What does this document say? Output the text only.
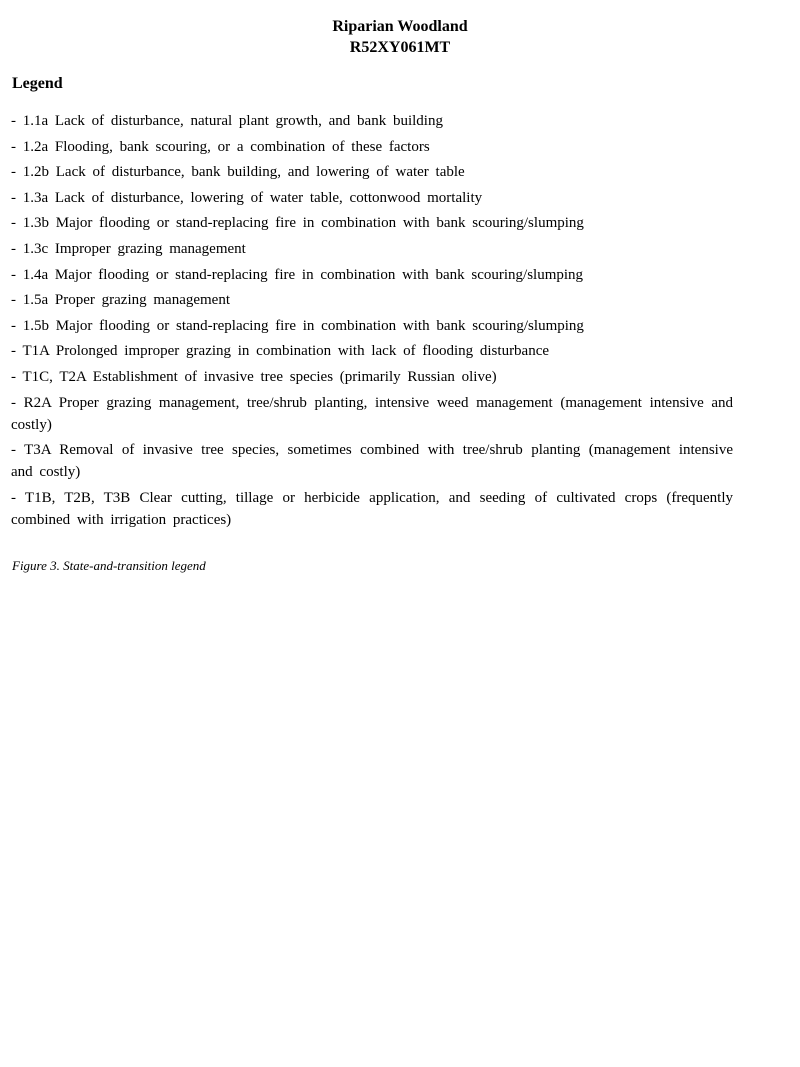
Riparian Woodland
R52XY061MT
Legend
- 1.1a Lack of disturbance, natural plant growth, and bank building
- 1.2a Flooding, bank scouring, or a combination of these factors
- 1.2b Lack of disturbance, bank building, and lowering of water table
- 1.3a Lack of disturbance, lowering of water table, cottonwood mortality
- 1.3b Major flooding or stand-replacing fire in combination with bank scouring/slumping
- 1.3c Improper grazing management
- 1.4a Major flooding or stand-replacing fire in combination with bank scouring/slumping
- 1.5a Proper grazing management
- 1.5b Major flooding or stand-replacing fire in combination with bank scouring/slumping
- T1A Prolonged improper grazing in combination with lack of flooding disturbance
- T1C, T2A Establishment of invasive tree species (primarily Russian olive)
- R2A Proper grazing management, tree/shrub planting, intensive weed management (management intensive and costly)
- T3A Removal of invasive tree species, sometimes combined with tree/shrub planting (management intensive and costly)
- T1B, T2B, T3B Clear cutting, tillage or herbicide application, and seeding of cultivated crops (frequently combined with irrigation practices)
Figure 3. State-and-transition legend
